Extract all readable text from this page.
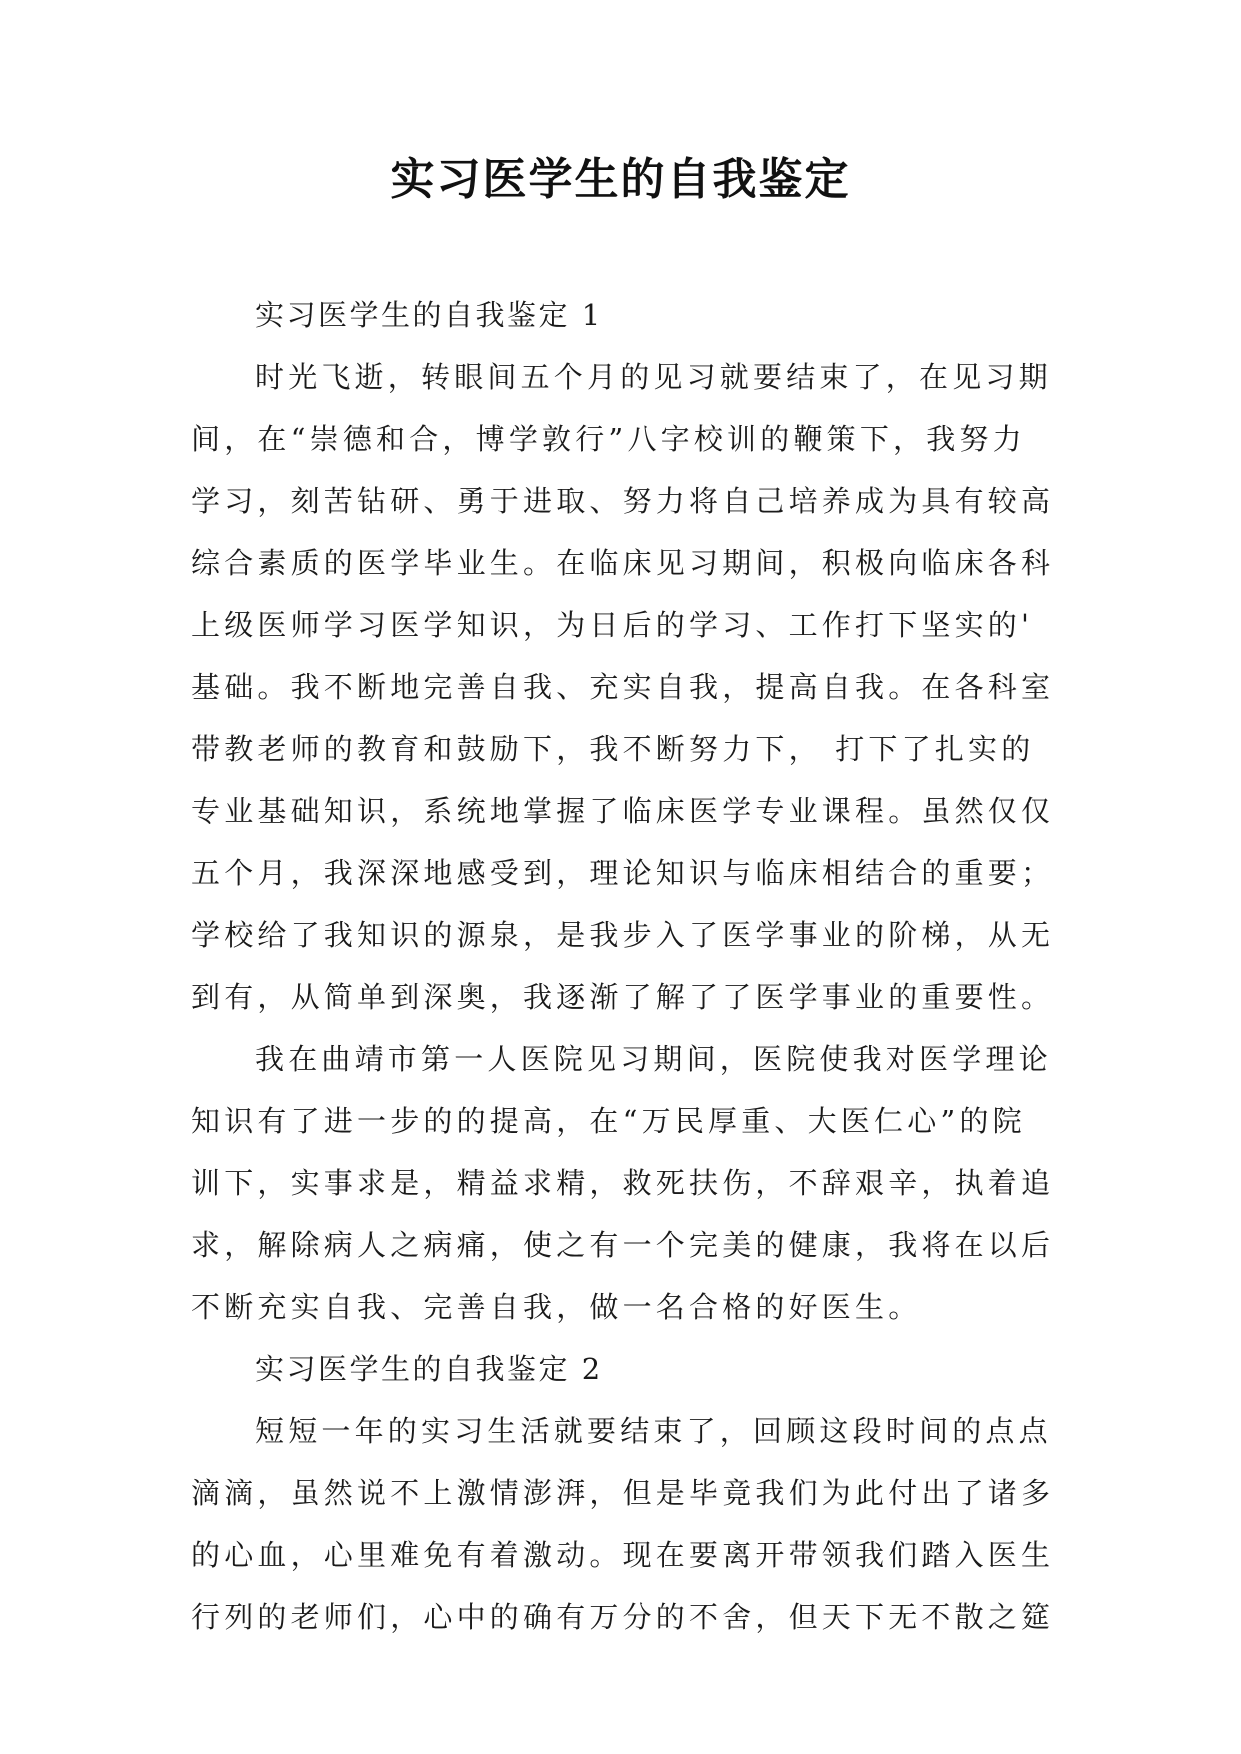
实习医学生的自我鉴定
实习医学生的自我鉴定 1
时光飞逝，转眼间五个月的见习就要结束了，在见习期
间，在“崇德和合，博学敦行”八字校训的鞭策下，我努力
学习，刻苦钻研、勇于进取、努力将自己培养成为具有较高
综合素质的医学毕业生。在临床见习期间，积极向临床各科
上级医师学习医学知识，为日后的学习、工作打下坚实的'
基础。我不断地完善自我、充实自我，提高自我。在各科室
带教老师的教育和鼓励下，我不断努力下， 打下了扎实的
专业基础知识，系统地掌握了临床医学专业课程。虽然仅仅
五个月，我深深地感受到，理论知识与临床相结合的重要；
学校给了我知识的源泉，是我步入了医学事业的阶梯，从无
到有，从简单到深奥，我逐渐了解了了医学事业的重要性。
我在曲靖市第一人医院见习期间，医院使我对医学理论
知识有了进一步的的提高，在“万民厚重、大医仁心”的院
训下，实事求是，精益求精，救死扶伤，不辞艰辛，执着追
求，解除病人之病痛，使之有一个完美的健康，我将在以后
不断充实自我、完善自我，做一名合格的好医生。
实习医学生的自我鉴定 2
短短一年的实习生活就要结束了，回顾这段时间的点点
滴滴，虽然说不上激情澎湃，但是毕竟我们为此付出了诸多
的心血，心里难免有着激动。现在要离开带领我们踏入医生
行列的老师们，心中的确有万分的不舍，但天下无不散之筵
